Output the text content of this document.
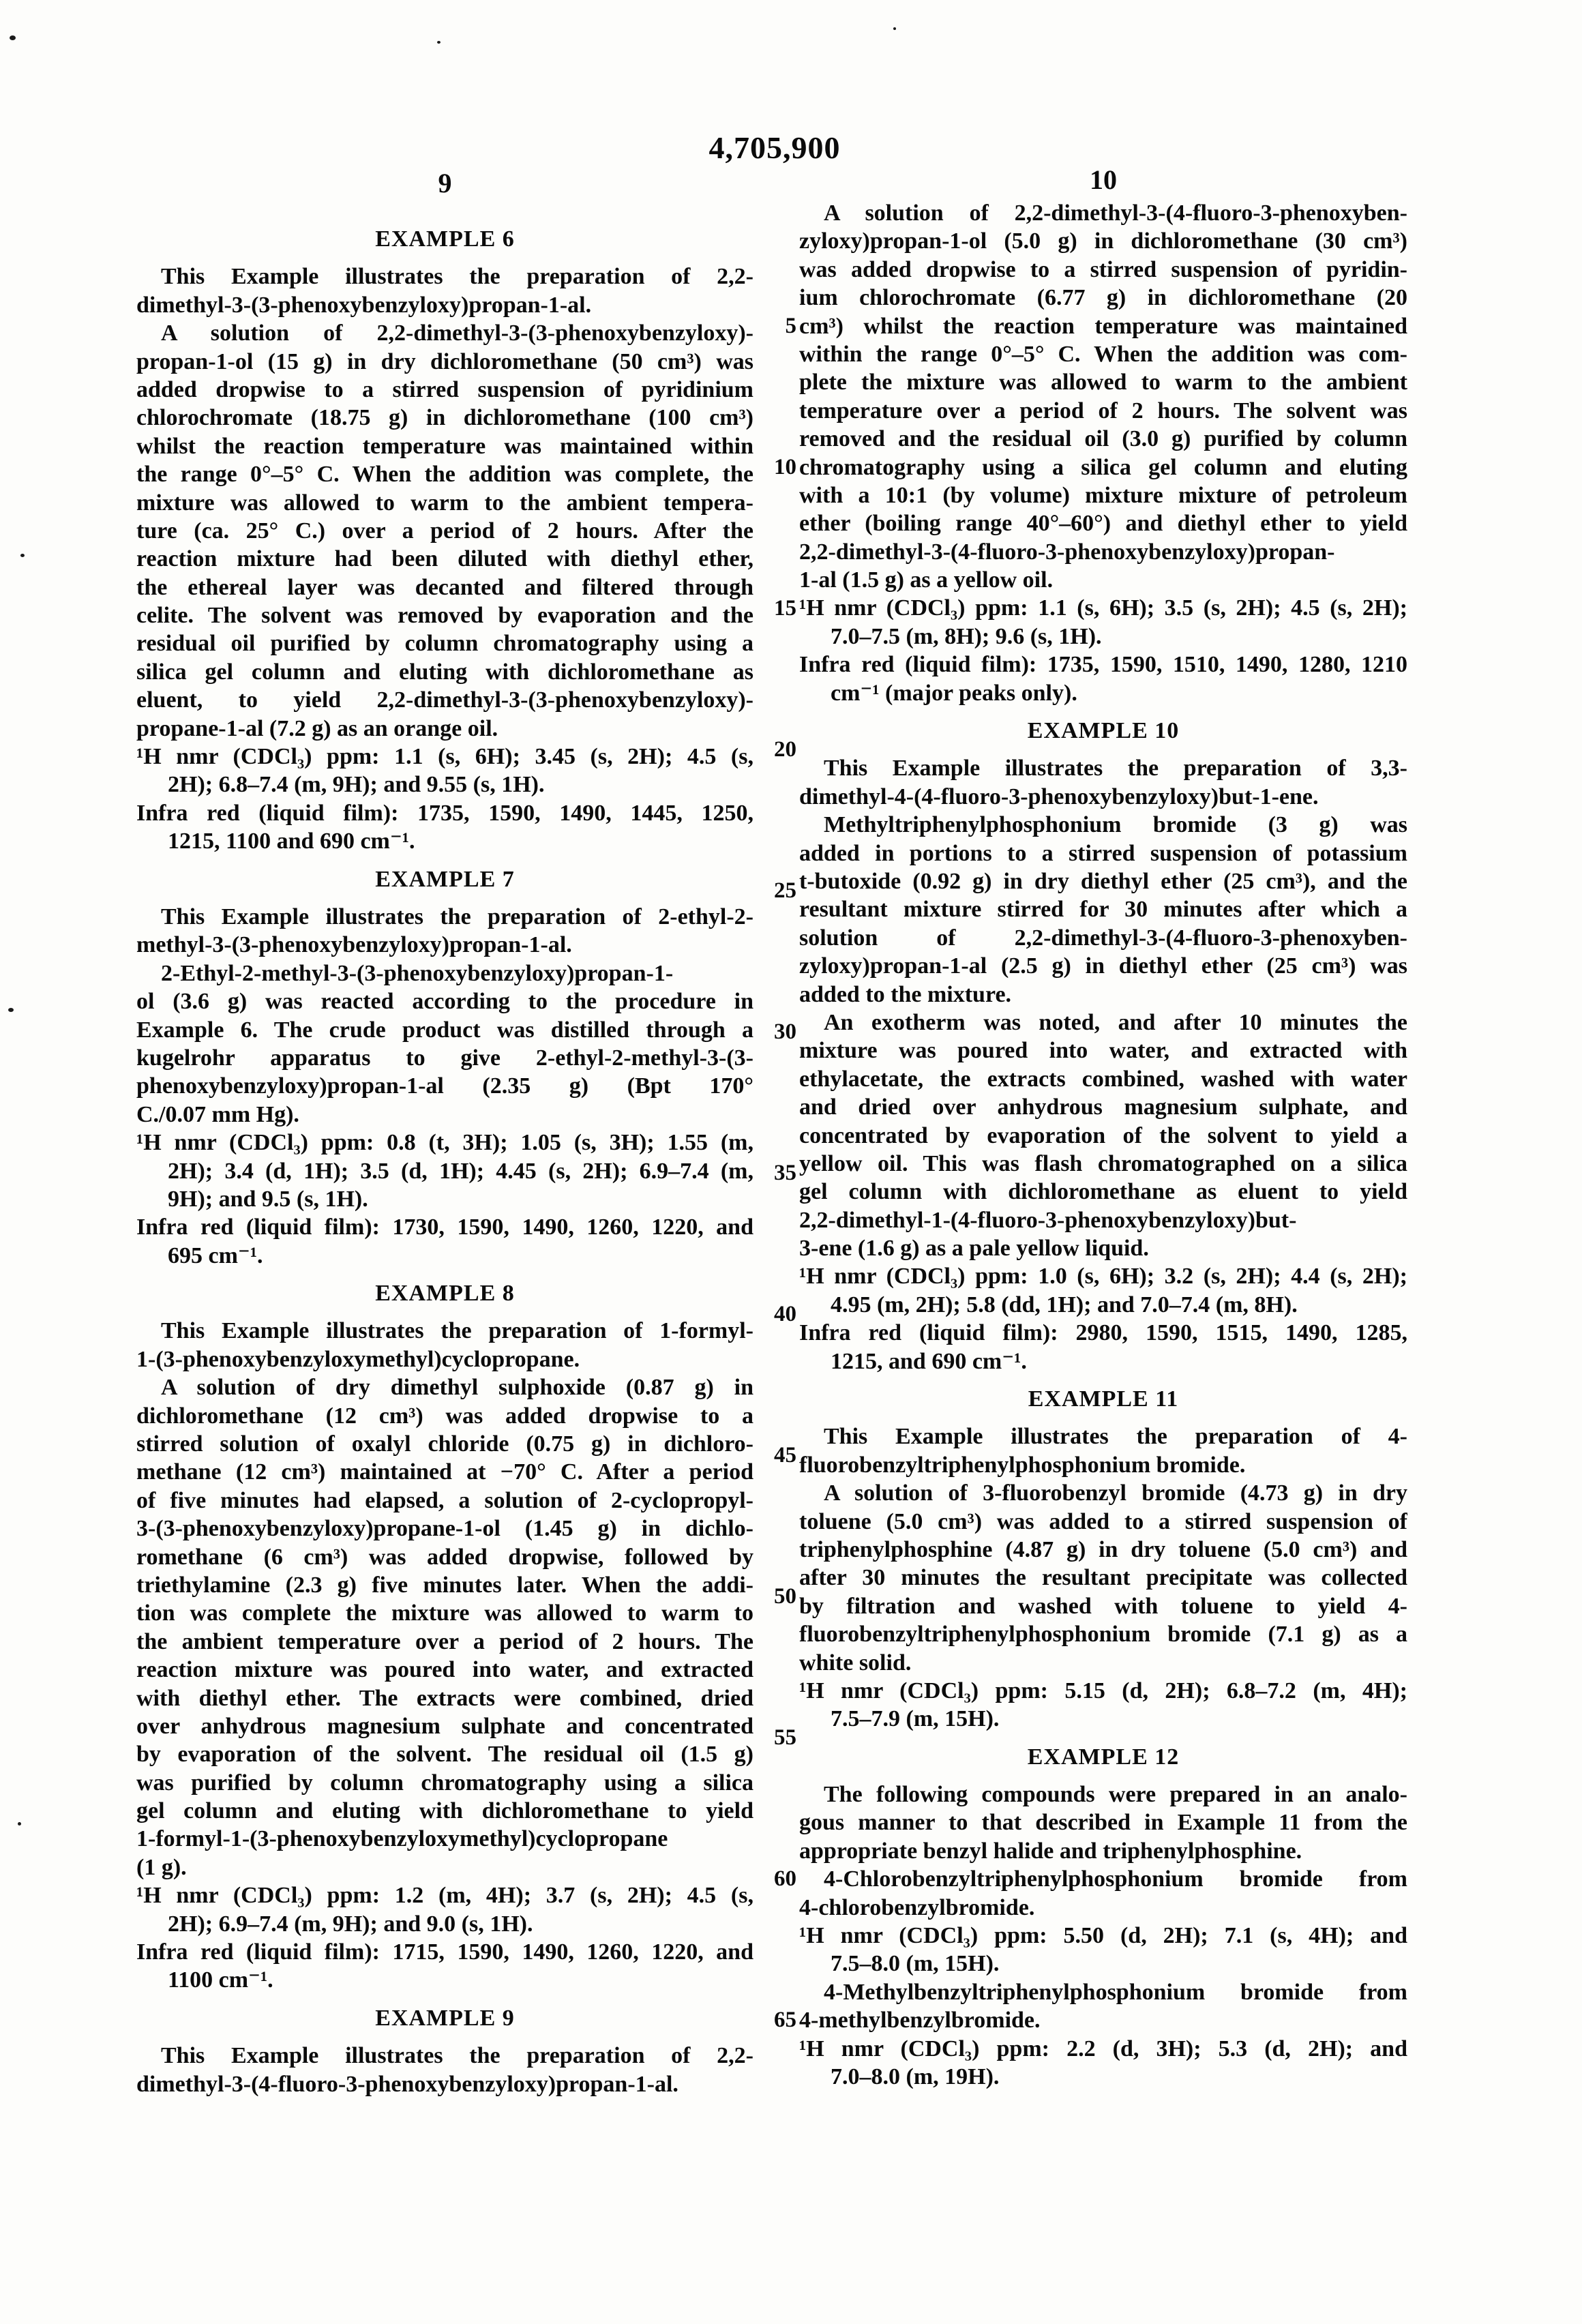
4,705,900
9	10
EXAMPLE 6
This Example illustrates the preparation of 2,2-
dimethyl-3-(3-phenoxybenzyloxy)propan-1-al.
A solution of 2,2-dimethyl-3-(3-phenoxybenzyloxy)-
propan-1-ol (15 g) in dry dichloromethane (50 cm³) was
added dropwise to a stirred suspension of pyridinium
chlorochromate (18.75 g) in dichloromethane (100 cm³)
whilst the reaction temperature was maintained within
the range 0°–5° C. When the addition was complete, the
mixture was allowed to warm to the ambient tempera-
ture (ca. 25° C.) over a period of 2 hours. After the
reaction mixture had been diluted with diethyl ether,
the ethereal layer was decanted and filtered through
celite. The solvent was removed by evaporation and the
residual oil purified by column chromatography using a
silica gel column and eluting with dichloromethane as
eluent, to yield 2,2-dimethyl-3-(3-phenoxybenzyloxy)-
propane-1-al (7.2 g) as an orange oil.
¹H nmr (CDCl₃) ppm: 1.1 (s, 6H); 3.45 (s, 2H); 4.5 (s,
2H); 6.8–7.4 (m, 9H); and 9.55 (s, 1H).
Infra red (liquid film): 1735, 1590, 1490, 1445, 1250,
1215, 1100 and 690 cm⁻¹.
EXAMPLE 7
This Example illustrates the preparation of 2-ethyl-2-
methyl-3-(3-phenoxybenzyloxy)propan-1-al.
2-Ethyl-2-methyl-3-(3-phenoxybenzyloxy)propan-1-
ol (3.6 g) was reacted according to the procedure in
Example 6. The crude product was distilled through a
kugelrohr apparatus to give 2-ethyl-2-methyl-3-(3-
phenoxybenzyloxy)propan-1-al (2.35 g) (Bpt 170°
C./0.07 mm Hg).
¹H nmr (CDCl₃) ppm: 0.8 (t, 3H); 1.05 (s, 3H); 1.55 (m,
2H); 3.4 (d, 1H); 3.5 (d, 1H); 4.45 (s, 2H); 6.9–7.4 (m,
9H); and 9.5 (s, 1H).
Infra red (liquid film): 1730, 1590, 1490, 1260, 1220, and
695 cm⁻¹.
EXAMPLE 8
This Example illustrates the preparation of 1-formyl-
1-(3-phenoxybenzyloxymethyl)cyclopropane.
A solution of dry dimethyl sulphoxide (0.87 g) in
dichloromethane (12 cm³) was added dropwise to a
stirred solution of oxalyl chloride (0.75 g) in dichloro-
methane (12 cm³) maintained at −70° C. After a period
of five minutes had elapsed, a solution of 2-cyclopropyl-
3-(3-phenoxybenzyloxy)propane-1-ol (1.45 g) in dichlo-
romethane (6 cm³) was added dropwise, followed by
triethylamine (2.3 g) five minutes later. When the addi-
tion was complete the mixture was allowed to warm to
the ambient temperature over a period of 2 hours. The
reaction mixture was poured into water, and extracted
with diethyl ether. The extracts were combined, dried
over anhydrous magnesium sulphate and concentrated
by evaporation of the solvent. The residual oil (1.5 g)
was purified by column chromatography using a silica
gel column and eluting with dichloromethane to yield
1-formyl-1-(3-phenoxybenzyloxymethyl)cyclopropane
(1 g).
¹H nmr (CDCl₃) ppm: 1.2 (m, 4H); 3.7 (s, 2H); 4.5 (s,
2H); 6.9–7.4 (m, 9H); and 9.0 (s, 1H).
Infra red (liquid film): 1715, 1590, 1490, 1260, 1220, and
1100 cm⁻¹.
EXAMPLE 9
This Example illustrates the preparation of 2,2-
dimethyl-3-(4-fluoro-3-phenoxybenzyloxy)propan-1-al.
A solution of 2,2-dimethyl-3-(4-fluoro-3-phenoxyben-
zyloxy)propan-1-ol (5.0 g) in dichloromethane (30 cm³)
was added dropwise to a stirred suspension of pyridin-
ium chlorochromate (6.77 g) in dichloromethane (20
cm³) whilst the reaction temperature was maintained
within the range 0°–5° C. When the addition was com-
plete the mixture was allowed to warm to the ambient
temperature over a period of 2 hours. The solvent was
removed and the residual oil (3.0 g) purified by column
chromatography using a silica gel column and eluting
with a 10:1 (by volume) mixture mixture of petroleum
ether (boiling range 40°–60°) and diethyl ether to yield
2,2-dimethyl-3-(4-fluoro-3-phenoxybenzyloxy)propan-
1-al (1.5 g) as a yellow oil.
¹H nmr (CDCl₃) ppm: 1.1 (s, 6H); 3.5 (s, 2H); 4.5 (s, 2H);
7.0–7.5 (m, 8H); 9.6 (s, 1H).
Infra red (liquid film): 1735, 1590, 1510, 1490, 1280, 1210
cm⁻¹ (major peaks only).
EXAMPLE 10
This Example illustrates the preparation of 3,3-
dimethyl-4-(4-fluoro-3-phenoxybenzyloxy)but-1-ene.
Methyltriphenylphosphonium bromide (3 g) was
added in portions to a stirred suspension of potassium
t-butoxide (0.92 g) in dry diethyl ether (25 cm³), and the
resultant mixture stirred for 30 minutes after which a
solution of 2,2-dimethyl-3-(4-fluoro-3-phenoxyben-
zyloxy)propan-1-al (2.5 g) in diethyl ether (25 cm³) was
added to the mixture.
An exotherm was noted, and after 10 minutes the
mixture was poured into water, and extracted with
ethylacetate, the extracts combined, washed with water
and dried over anhydrous magnesium sulphate, and
concentrated by evaporation of the solvent to yield a
yellow oil. This was flash chromatographed on a silica
gel column with dichloromethane as eluent to yield
2,2-dimethyl-1-(4-fluoro-3-phenoxybenzyloxy)but-
3-ene (1.6 g) as a pale yellow liquid.
¹H nmr (CDCl₃) ppm: 1.0 (s, 6H); 3.2 (s, 2H); 4.4 (s, 2H);
4.95 (m, 2H); 5.8 (dd, 1H); and 7.0–7.4 (m, 8H).
Infra red (liquid film): 2980, 1590, 1515, 1490, 1285,
1215, and 690 cm⁻¹.
EXAMPLE 11
This Example illustrates the preparation of 4-
fluorobenzyltriphenylphosphonium bromide.
A solution of 3-fluorobenzyl bromide (4.73 g) in dry
toluene (5.0 cm³) was added to a stirred suspension of
triphenylphosphine (4.87 g) in dry toluene (5.0 cm³) and
after 30 minutes the resultant precipitate was collected
by filtration and washed with toluene to yield 4-
fluorobenzyltriphenylphosphonium bromide (7.1 g) as a
white solid.
¹H nmr (CDCl₃) ppm: 5.15 (d, 2H); 6.8–7.2 (m, 4H);
7.5–7.9 (m, 15H).
EXAMPLE 12
The following compounds were prepared in an analo-
gous manner to that described in Example 11 from the
appropriate benzyl halide and triphenylphosphine.
4-Chlorobenzyltriphenylphosphonium bromide from
4-chlorobenzylbromide.
¹H nmr (CDCl₃) ppm: 5.50 (d, 2H); 7.1 (s, 4H); and
7.5–8.0 (m, 15H).
4-Methylbenzyltriphenylphosphonium bromide from
4-methylbenzylbromide.
¹H nmr (CDCl₃) ppm: 2.2 (d, 3H); 5.3 (d, 2H); and
7.0–8.0 (m, 19H).
5
10
15
20
25
30
35
40
45
50
55
60
65
